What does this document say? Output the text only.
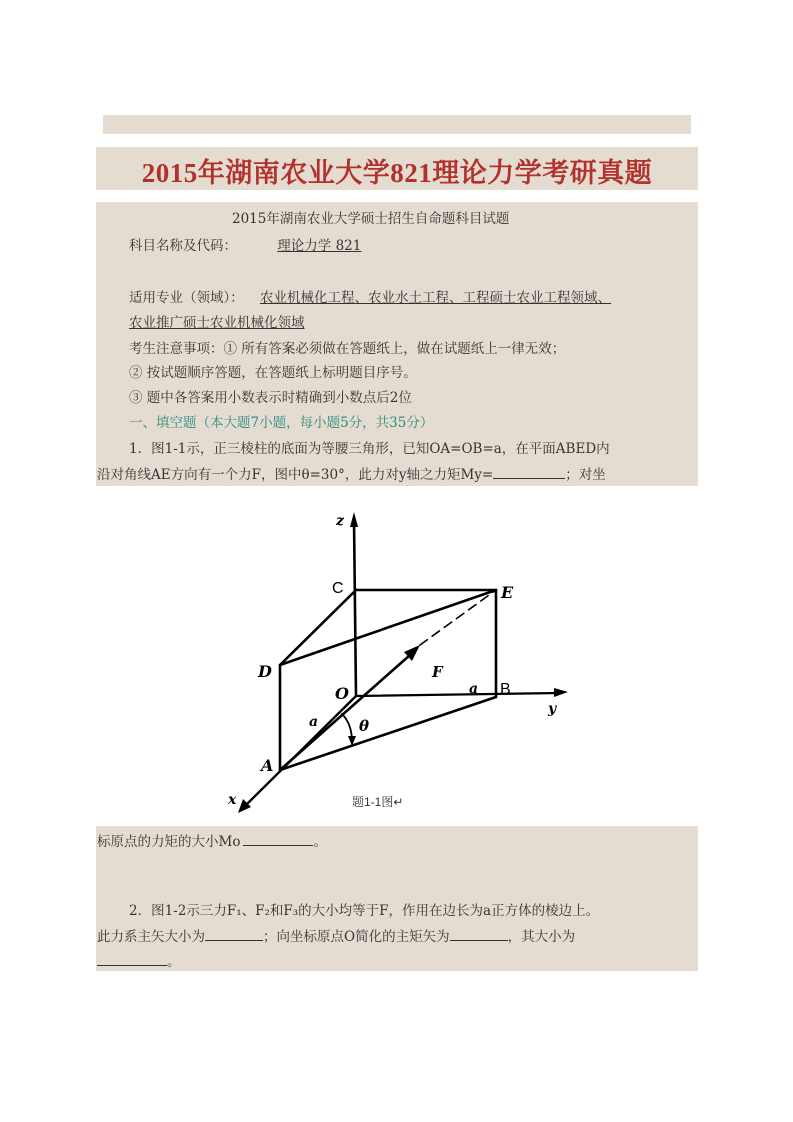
2015年湖南农业大学821理论力学考研真题
2015年湖南农业大学硕士招生自命题科目试题
科目名称及代码：	理论力学 821
适用专业（领域）： 农业机械化工程、农业水土工程、工程硕士农业工程领域、
农业推广硕士农业机械化领域
考生注意事项：① 所有答案必须做在答题纸上，做在试题纸上一律无效；
② 按试题顺序答题，在答题纸上标明题目序号。
③ 题中各答案用小数表示时精确到小数点后2位
一、填空题（本大题7小题，每小题5分，共35分）
1．图1-1示，正三棱柱的底面为等腰三角形，已知OA=OB=a，在平面ABED内
沿对角线AE方向有一个力F，图中θ=30°，此力对y轴之力矩My=	；对坐
z
y
x
C	E
D
O	B
A
F
a
a
θ
题1-1图↵
标原点的力矩的大小Mo	。
2．图1-2示三力F₁、F₂和F₃的大小均等于F，作用在边长为a正方体的棱边上。
此力系主矢大小为	；向坐标原点O简化的主矩矢为	，其大小为
。
